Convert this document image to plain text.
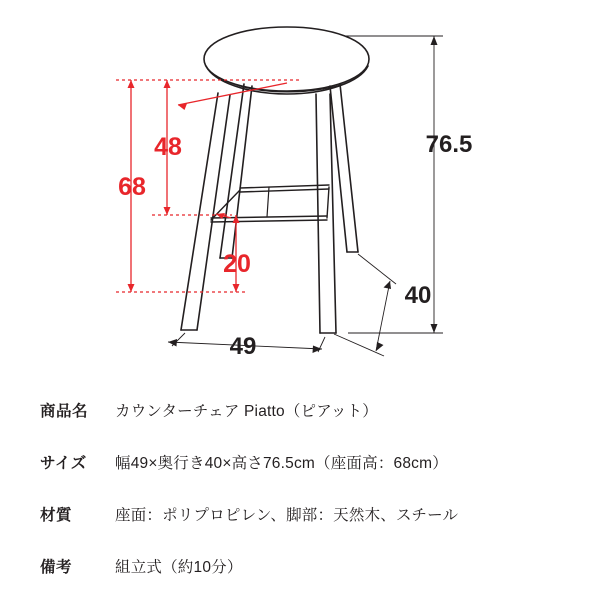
68
48
20
76.5
49
40
商品名	カウンターチェア Piatto（ピアット）
サイズ	幅49×奥行き40×高さ76.5cm（座面高：68cm）
材質	座面：ポリプロピレン、脚部：天然木、スチール
備考	組立式（約10分）
